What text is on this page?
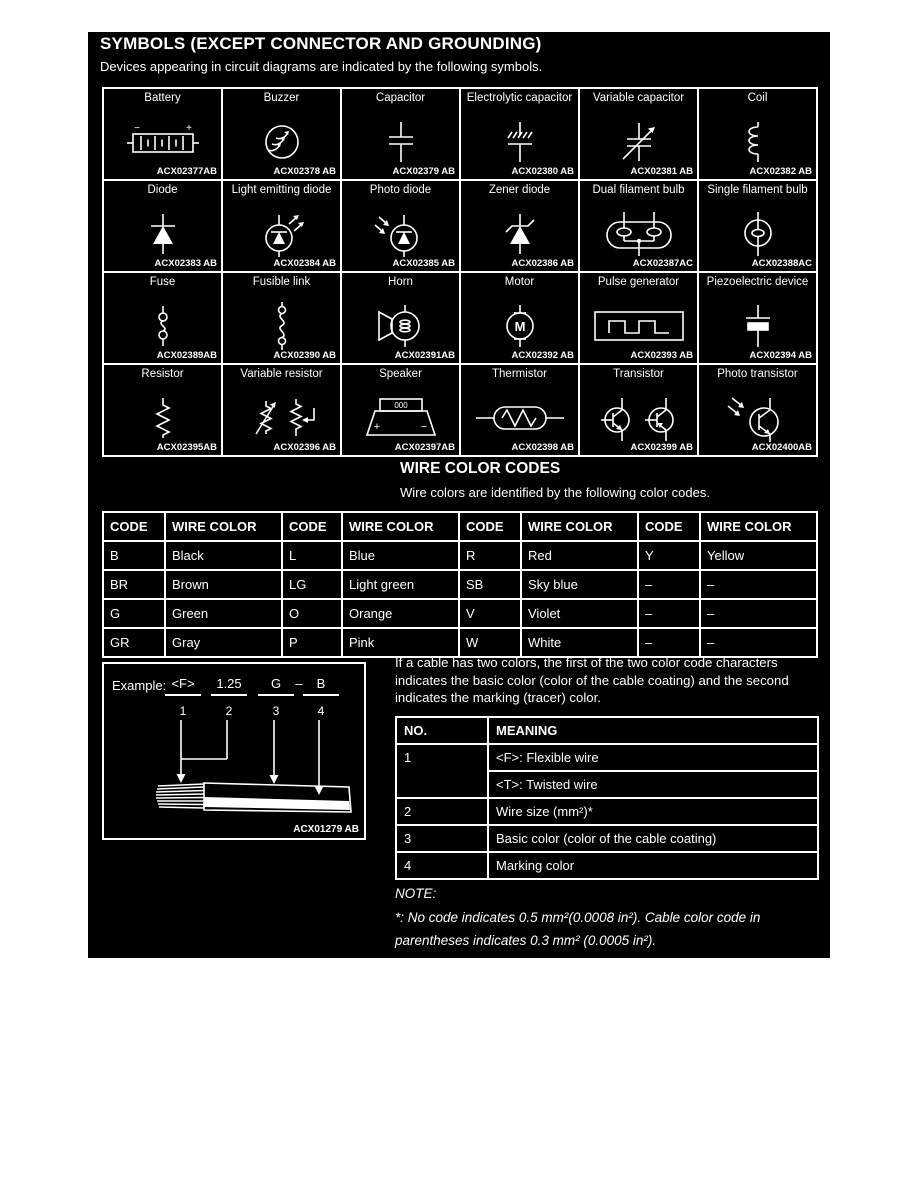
SYMBOLS (EXCEPT CONNECTOR AND GROUNDING)

Devices appearing in circuit diagrams are indicated by the following symbols.

Battery
−	+
ACX02377AB

Buzzer
ACX02378 AB

Capacitor
ACX02379 AB

Electrolytic capacitor
ACX02380 AB

Variable capacitor
ACX02381 AB

Coil
ACX02382 AB

Diode
ACX02383 AB

Light emitting diode
ACX02384 AB

Photo diode
ACX02385 AB

Zener diode
ACX02386 AB

Dual filament bulb
ACX02387AC

Single filament bulb
ACX02388AC

Fuse
ACX02389AB

Fusible link
ACX02390 AB

Horn
ACX02391AB

Motor
M
ACX02392 AB

Pulse generator
ACX02393 AB

Piezoelectric device
ACX02394 AB

Resistor
ACX02395AB

Variable resistor
ACX02396 AB

Speaker
000
+	−
ACX02397AB

Thermistor
ACX02398 AB

Transistor
ACX02399 AB

Photo transistor
ACX02400AB
WIRE COLOR CODES

Wire colors are identified by the following color codes.

CODE	WIRE COLOR	CODE	WIRE COLOR	CODE	WIRE COLOR	CODE	WIRE COLOR
B	Black	L	Blue	R	Red	Y	Yellow
BR	Brown	LG	Light green	SB	Sky blue	–	–
G	Green	O	Orange	V	Violet	–	–
GR	Gray	P	Pink	W	White	–	–
Example: <F>	1.25	G	–	B
1	2	3	4
ACX01279 AB

If a cable has two colors, the first of the two color code characters indicates the basic color (color of the cable coating) and the second indicates the marking (tracer) color.

NO.	MEANING
1	<F>: Flexible wire
	<T>: Twisted wire
2	Wire size (mm²)*
3	Basic color (color of the cable coating)
4	Marking color

NOTE:

*: No code indicates 0.5 mm²(0.0008 in²). Cable color code in parentheses indicates 0.3 mm² (0.0005 in²).
